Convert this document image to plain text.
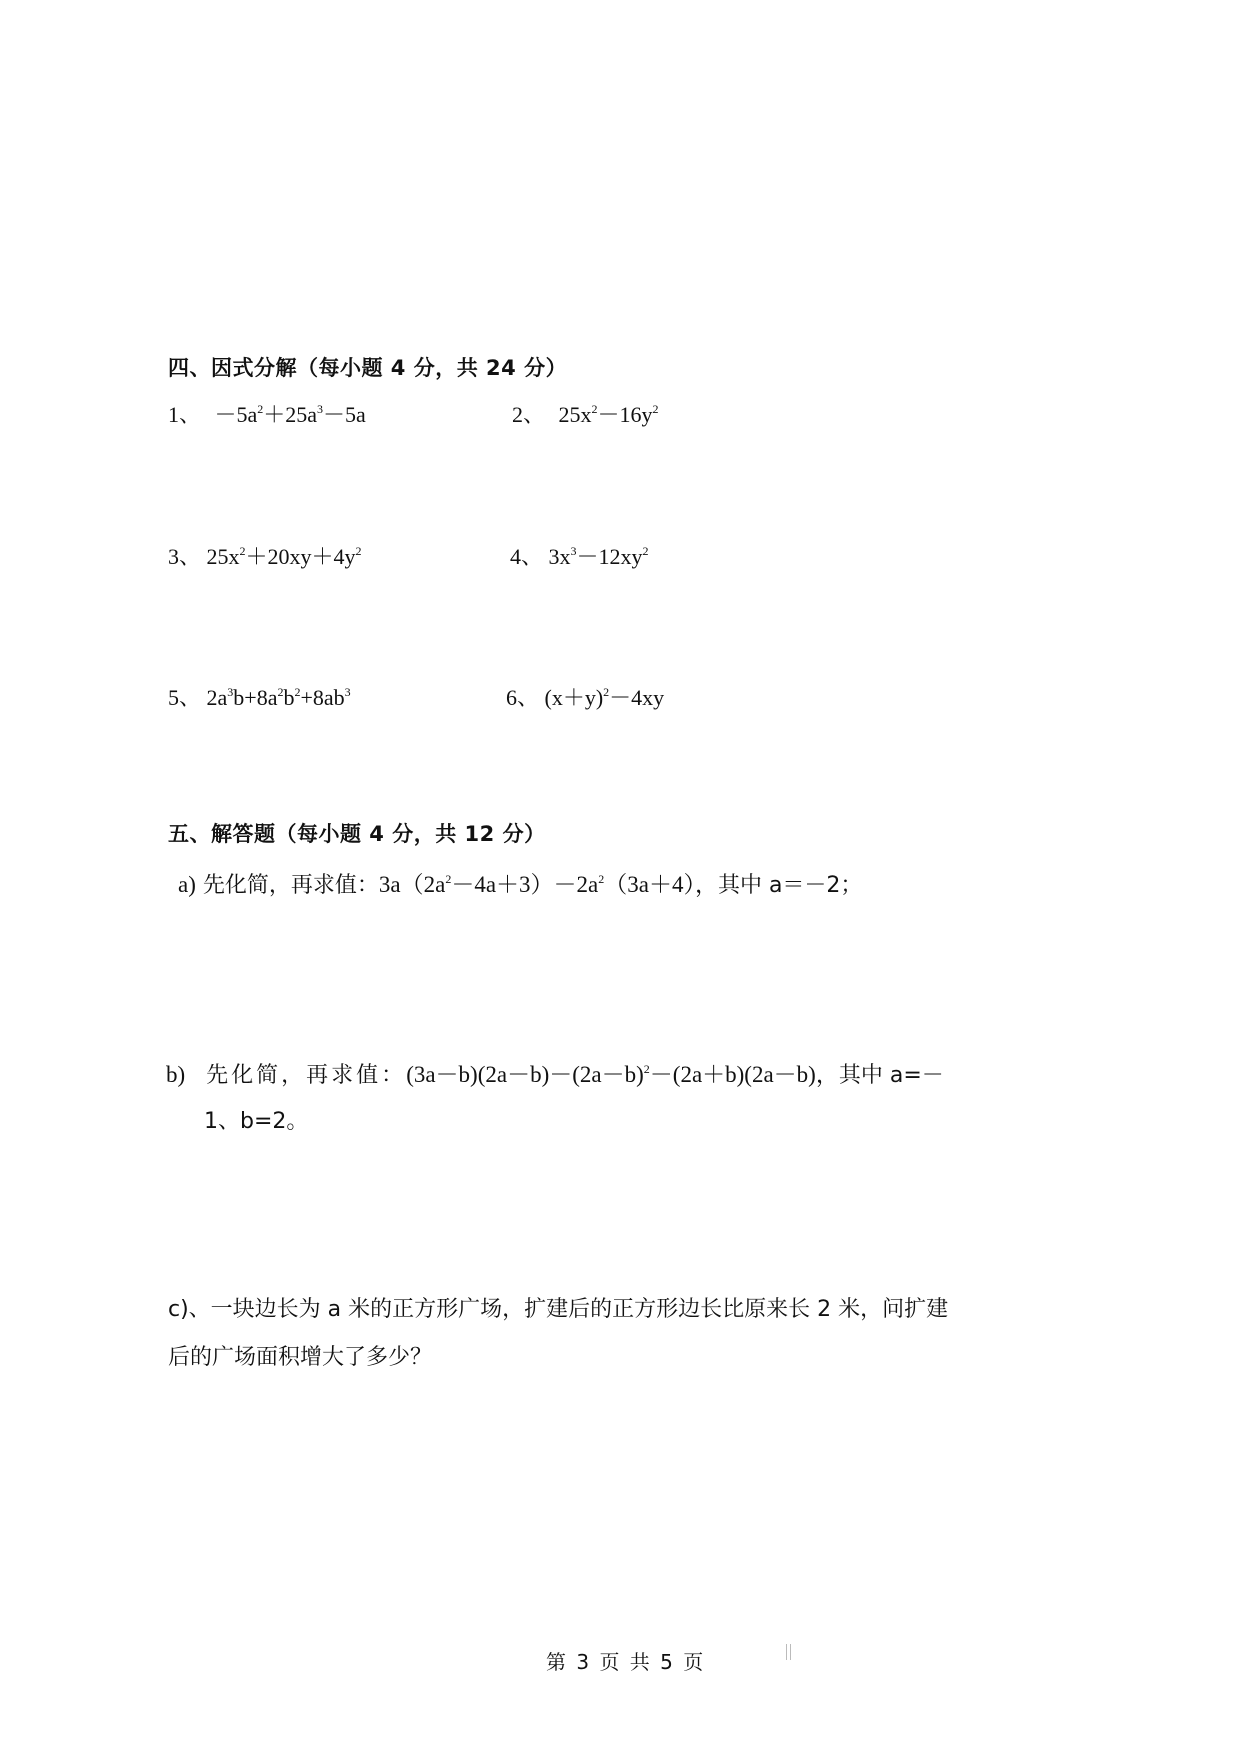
四、因式分解（每小题 4 分，共 24 分）
1、 $-5a^2+25a^3-5a$	2、 $25x^2-16y^2$
3、 $25x^2+20xy+4y^2$	4、 $3x^3-12xy^2$
5、 $2a^3b+8a^2b^2+8ab^3$	6、 $(x+y)^2-4xy$
五、解答题（每小题 4 分，共 12 分）
a) 先化简，再求值：$3a(2a^2-4a+3)-2a^2(3a+4)$，其中 a＝－2；
b) 先化简，再求值：$(3a-b)(2a-b)-(2a-b)^2-(2a+b)(2a-b)$，其中 a=－
1、b=2。
c)、一块边长为 a 米的正方形广场，扩建后的正方形边长比原来长 2 米，问扩建
后的广场面积增大了多少？
第 3 页 共 5 页
